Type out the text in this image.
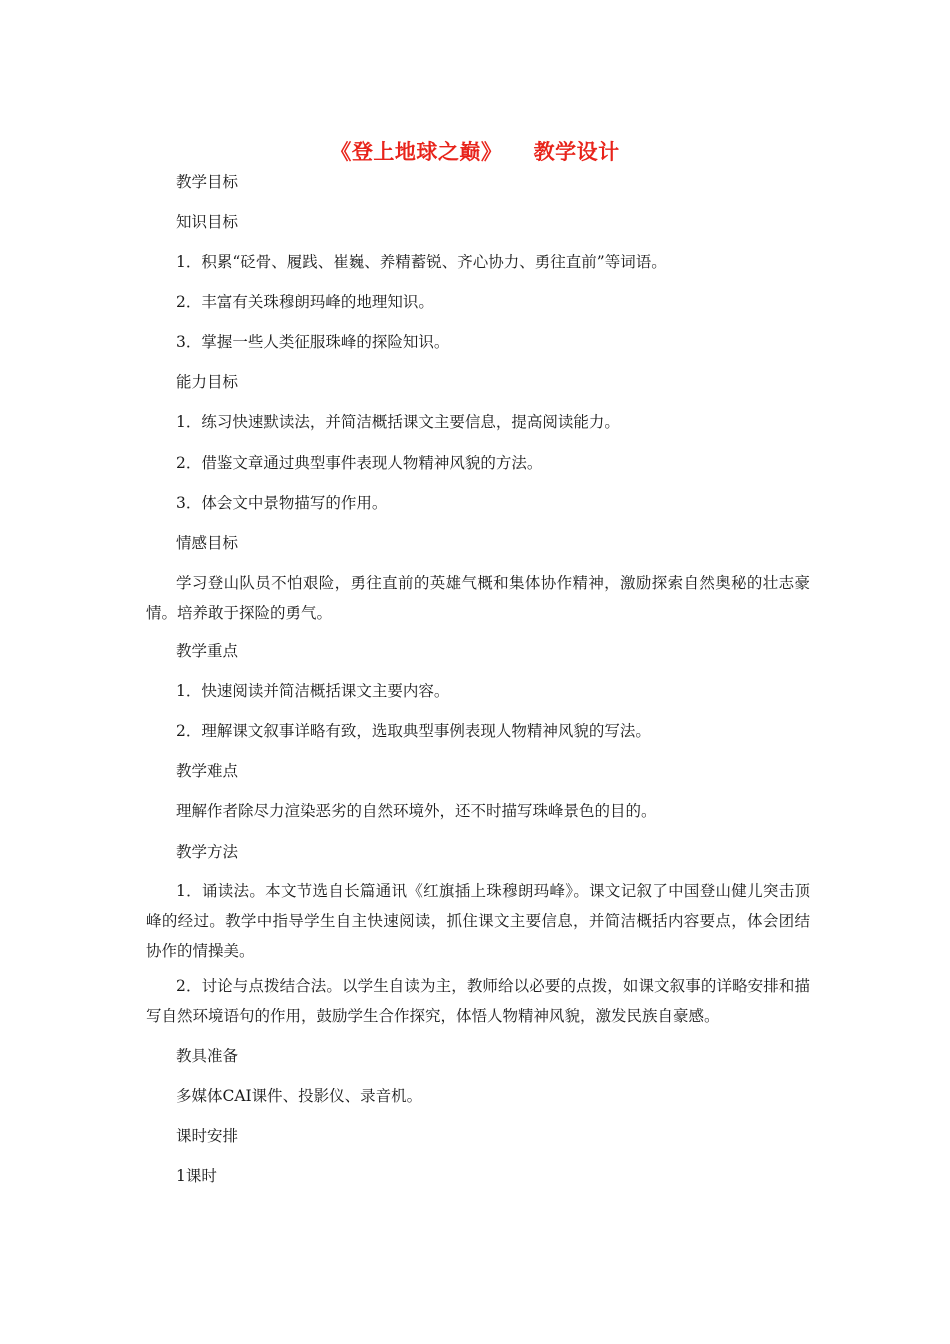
《登上地球之巅》    教学设计
教学目标
知识目标
1．积累“砭骨、履践、崔巍、养精蓄锐、齐心协力、勇往直前”等词语。
2．丰富有关珠穆朗玛峰的地理知识。
3．掌握一些人类征服珠峰的探险知识。
能力目标
1．练习快速默读法，并简洁概括课文主要信息，提高阅读能力。
2．借鉴文章通过典型事件表现人物精神风貌的方法。
3．体会文中景物描写的作用。
情感目标
学习登山队员不怕艰险，勇往直前的英雄气概和集体协作精神，激励探索自然奥秘的壮志豪情。培养敢于探险的勇气。
教学重点
1．快速阅读并简洁概括课文主要内容。
2．理解课文叙事详略有致，选取典型事例表现人物精神风貌的写法。
教学难点
理解作者除尽力渲染恶劣的自然环境外，还不时描写珠峰景色的目的。
教学方法
1．诵读法。本文节选自长篇通讯《红旗插上珠穆朗玛峰》。课文记叙了中国登山健儿突击顶峰的经过。教学中指导学生自主快速阅读，抓住课文主要信息，并简洁概括内容要点，体会团结协作的情操美。
2．讨论与点拨结合法。以学生自读为主，教师给以必要的点拨，如课文叙事的详略安排和描写自然环境语句的作用，鼓励学生合作探究，体悟人物精神风貌，激发民族自豪感。
教具准备
多媒体CAI课件、投影仪、录音机。
课时安排
1课时
